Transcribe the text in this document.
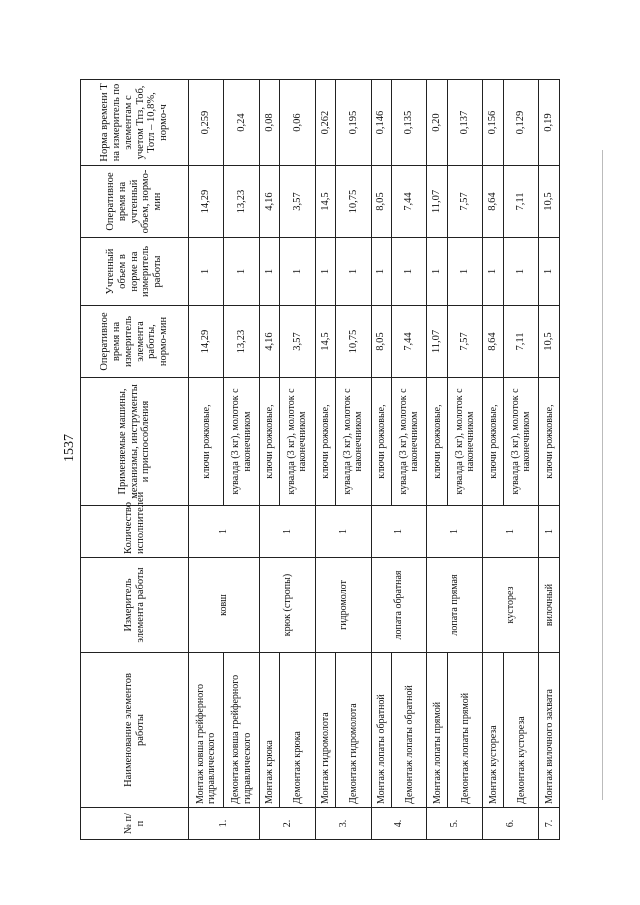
1537
№ п/п	Наименование элементов работы	Измеритель элемента работы	Количество исполнителей	Применяемые машины, механизмы, инструменты и приспособления	Оперативное время на измеритель элемента работы, нормо-мин	Учтенный объем в норме на измеритель работы	Оперативное время на учтенный объем, нормо-мин	Норма времени Т на измеритель по элементам с учетом Тпз, Тоб, Тотл – 10,8%, нормо-ч
1.	Монтаж ковша грейферного гидравлического	ковш	1	ключи рожковые,	14,29	1	14,29	0,259
	Демонтаж ковша грейферного гидравлического			кувалда (3 кг), молоток с наконечником	13,23	1	13,23	0,24
2.	Монтаж крюка	крюк (стропы)	1	ключи рожковые,	4,16	1	4,16	0,08
	Демонтаж крюка			кувалда (3 кг), молоток с наконечником	3,57	1	3,57	0,06
3.	Монтаж гидромолота	гидромолот	1	ключи рожковые,	14,5	1	14,5	0,262
	Демонтаж гидромолота			кувалда (3 кг), молоток с наконечником	10,75	1	10,75	0,195
4.	Монтаж лопаты обратной	лопата обратная	1	ключи рожковые,	8,05	1	8,05	0,146
	Демонтаж лопаты обратной			кувалда (3 кг), молоток с наконечником	7,44	1	7,44	0,135
5.	Монтаж лопаты прямой	лопата прямая	1	ключи рожковые,	11,07	1	11,07	0,20
	Демонтаж лопаты прямой			кувалда (3 кг), молоток с наконечником	7,57	1	7,57	0,137
6.	Монтаж кустореза	кусторез	1	ключи рожковые,	8,64	1	8,64	0,156
	Демонтаж кустореза			кувалда (3 кг), молоток с наконечником	7,11	1	7,11	0,129
7.	Монтаж вилочного захвата	вилочный	1	ключи рожковые,	10,5	1	10,5	0,19
